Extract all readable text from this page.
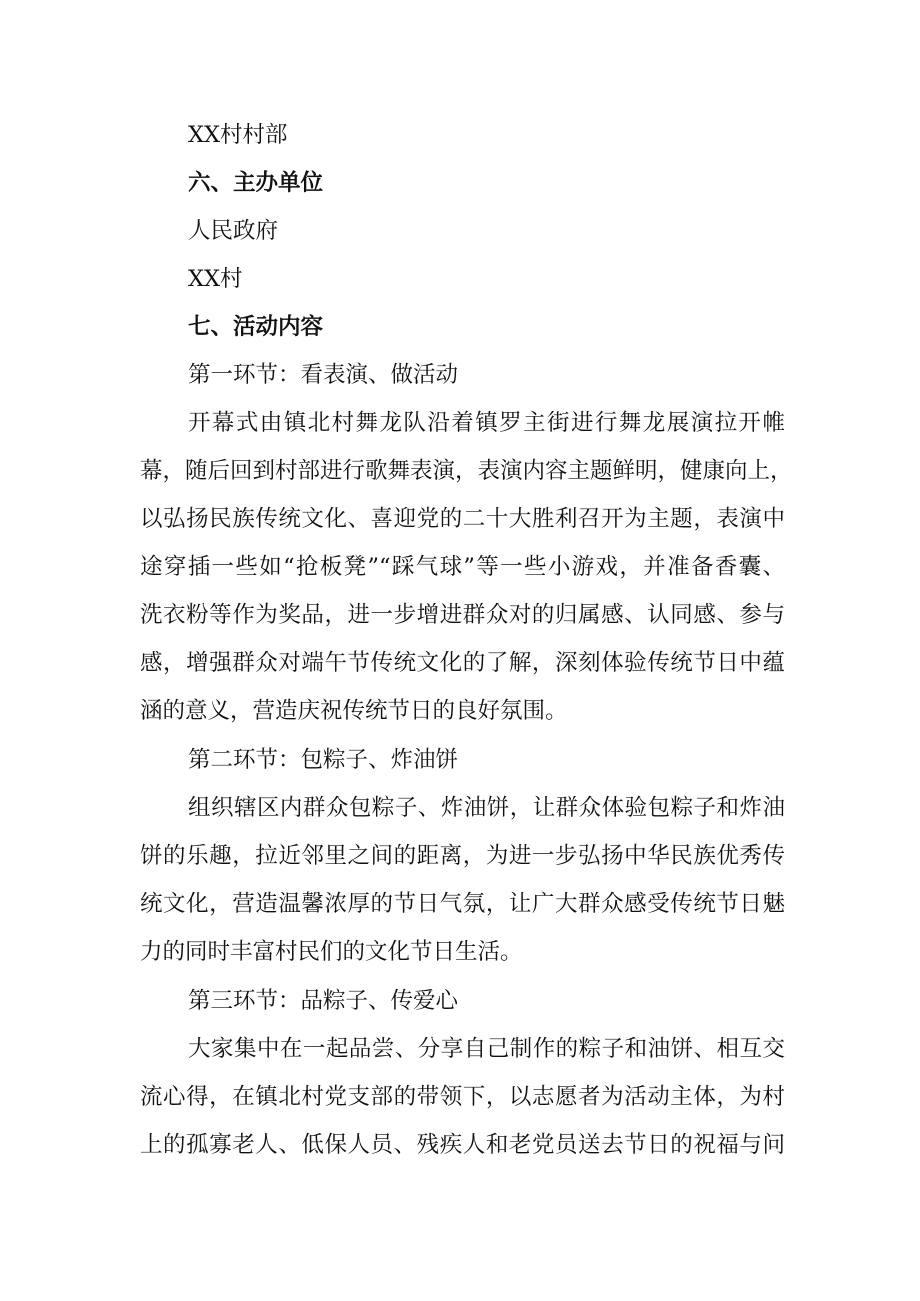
XX村村部
六、主办单位
人民政府
XX村
七、活动内容
第一环节：看表演、做活动
开幕式由镇北村舞龙队沿着镇罗主街进行舞龙展演拉开帷
幕，随后回到村部进行歌舞表演，表演内容主题鲜明，健康向上，
以弘扬民族传统文化、喜迎党的二十大胜利召开为主题，表演中
途穿插一些如“抢板凳”“踩气球”等一些小游戏，并准备香囊、
洗衣粉等作为奖品，进一步增进群众对的归属感、认同感、参与
感，增强群众对端午节传统文化的了解，深刻体验传统节日中蕴
涵的意义，营造庆祝传统节日的良好氛围。
第二环节：包粽子、炸油饼
组织辖区内群众包粽子、炸油饼，让群众体验包粽子和炸油
饼的乐趣，拉近邻里之间的距离，为进一步弘扬中华民族优秀传
统文化，营造温馨浓厚的节日气氛，让广大群众感受传统节日魅
力的同时丰富村民们的文化节日生活。
第三环节：品粽子、传爱心
大家集中在一起品尝、分享自己制作的粽子和油饼、相互交
流心得，在镇北村党支部的带领下，以志愿者为活动主体，为村
上的孤寡老人、低保人员、残疾人和老党员送去节日的祝福与问
